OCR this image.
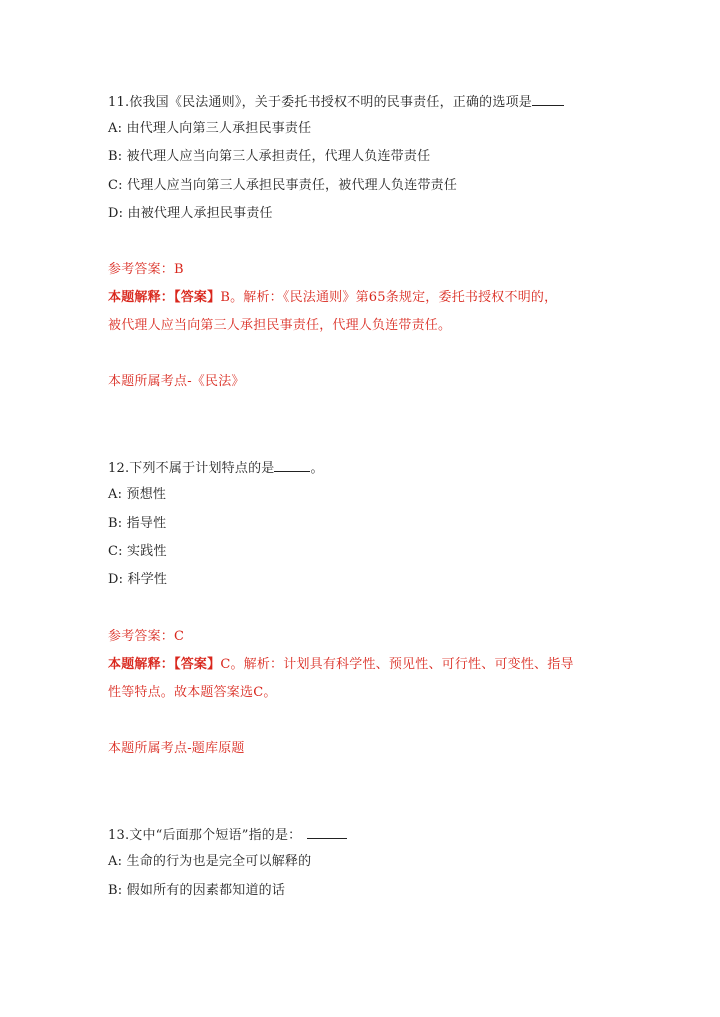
11.依我国《民法通则》，关于委托书授权不明的民事责任，正确的选项是
A: 由代理人向第三人承担民事责任
B: 被代理人应当向第三人承担责任，代理人负连带责任
C: 代理人应当向第三人承担民事责任，被代理人负连带责任
D: 由被代理人承担民事责任
参考答案：B
本题解释：【答案】B。解析：《民法通则》第65条规定，委托书授权不明的，
被代理人应当向第三人承担民事责任，代理人负连带责任。
本题所属考点-《民法》
12.下列不属于计划特点的是	。
A: 预想性
B: 指导性
C: 实践性
D: 科学性
参考答案：C
本题解释：【答案】C。解析：计划具有科学性、预见性、可行性、可变性、指导
性等特点。故本题答案选C。
本题所属考点-题库原题
13.文中“后面那个短语”指的是：
A: 生命的行为也是完全可以解释的
B: 假如所有的因素都知道的话
